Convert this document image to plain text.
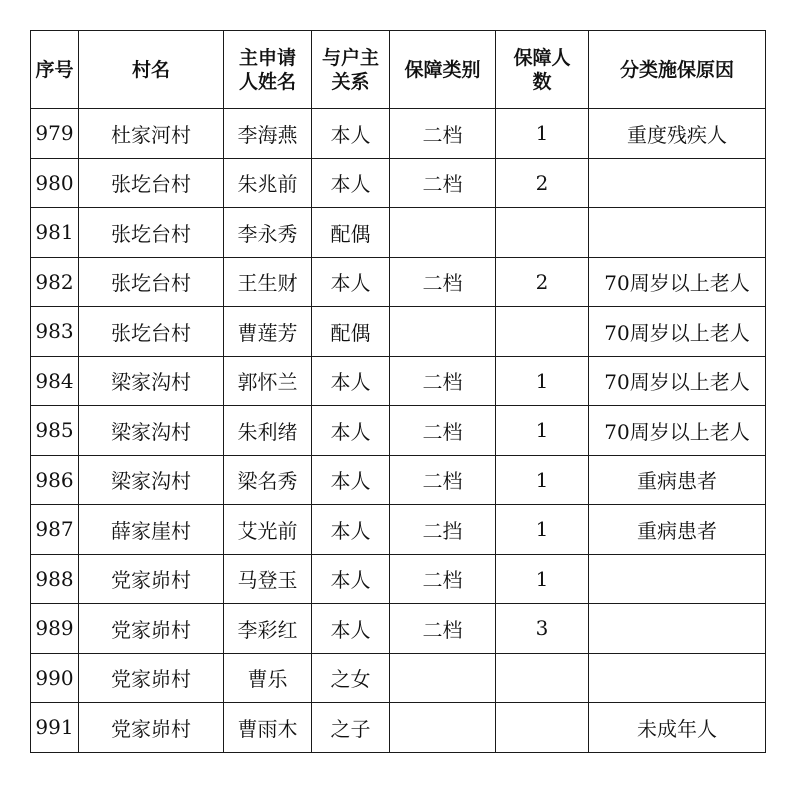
序号	村名	主申请人姓名	与户主关系	保障类别	保障人数	分类施保原因
979	杜家河村	李海燕	本人	二档	1	重度残疾人
980	张圪台村	朱兆前	本人	二档	2	
981	张圪台村	李永秀	配偶			
982	张圪台村	王生财	本人	二档	2	70周岁以上老人
983	张圪台村	曹莲芳	配偶			70周岁以上老人
984	梁家沟村	郭怀兰	本人	二档	1	70周岁以上老人
985	梁家沟村	朱利绪	本人	二档	1	70周岁以上老人
986	梁家沟村	梁名秀	本人	二档	1	重病患者
987	薛家崖村	艾光前	本人	二挡	1	重病患者
988	党家峁村	马登玉	本人	二档	1	
989	党家峁村	李彩红	本人	二档	3	
990	党家峁村	曹乐	之女			
991	党家峁村	曹雨木	之子			未成年人
